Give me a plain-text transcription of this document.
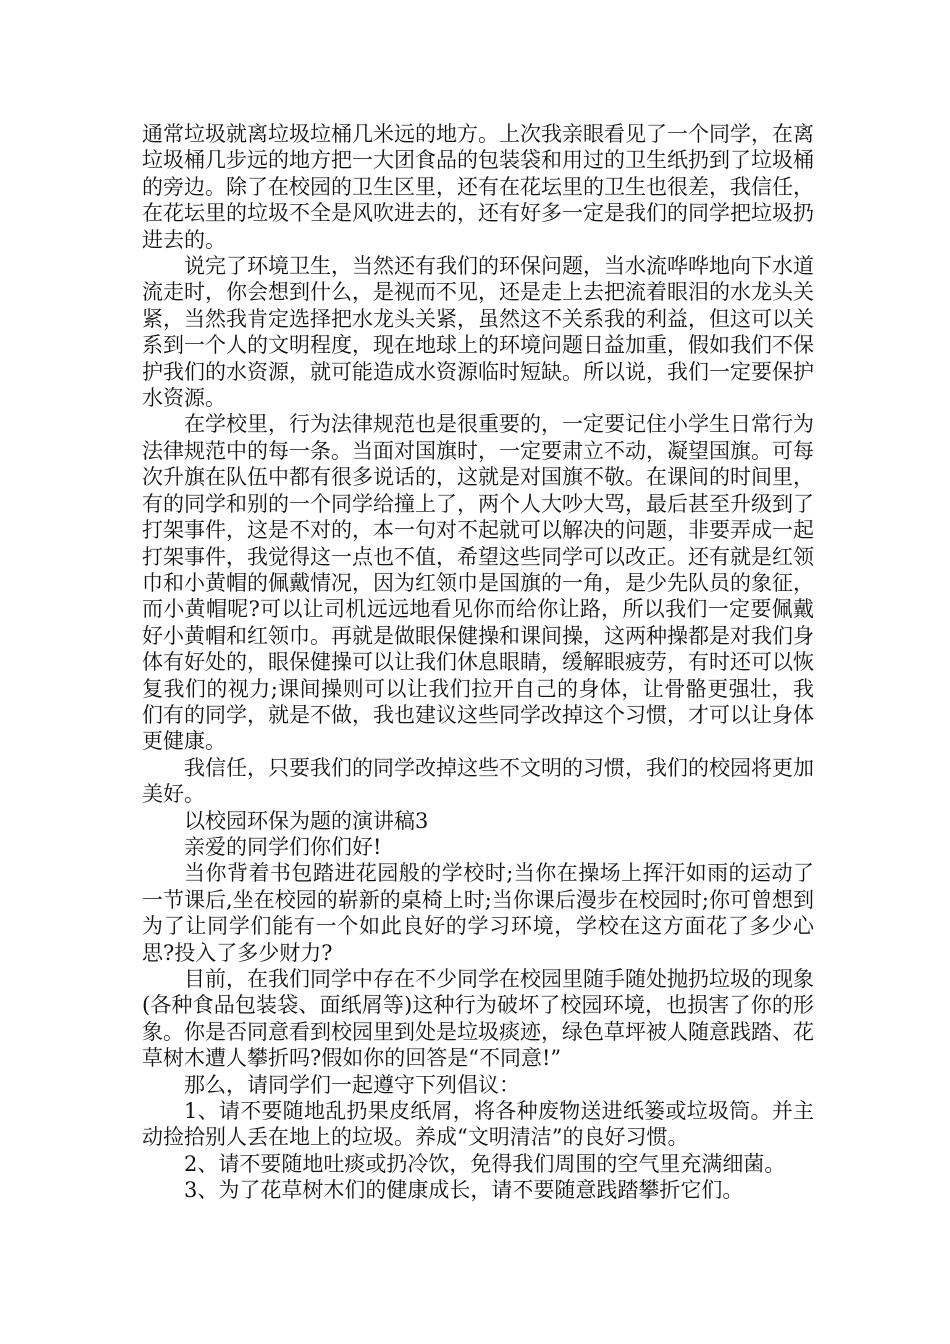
通常垃圾就离垃圾垃桶几米远的地方。上次我亲眼看见了一个同学，在离垃圾桶几步远的地方把一大团食品的包装袋和用过的卫生纸扔到了垃圾桶的旁边。除了在校园的卫生区里，还有在花坛里的卫生也很差，我信任，在花坛里的垃圾不全是风吹进去的，还有好多一定是我们的同学把垃圾扔进去的。

说完了环境卫生，当然还有我们的环保问题，当水流哗哗地向下水道流走时，你会想到什么，是视而不见，还是走上去把流着眼泪的水龙头关紧，当然我肯定选择把水龙头关紧，虽然这不关系我的利益，但这可以关系到一个人的文明程度，现在地球上的环境问题日益加重，假如我们不保护我们的水资源，就可能造成水资源临时短缺。所以说，我们一定要保护水资源。

在学校里，行为法律规范也是很重要的，一定要记住小学生日常行为法律规范中的每一条。当面对国旗时，一定要肃立不动，凝望国旗。可每次升旗在队伍中都有很多说话的，这就是对国旗不敬。在课间的时间里，有的同学和别的一个同学给撞上了，两个人大吵大骂，最后甚至升级到了打架事件，这是不对的，本一句对不起就可以解决的问题，非要弄成一起打架事件，我觉得这一点也不值，希望这些同学可以改正。还有就是红领巾和小黄帽的佩戴情况，因为红领巾是国旗的一角，是少先队员的象征，而小黄帽呢?可以让司机远远地看见你而给你让路，所以我们一定要佩戴好小黄帽和红领巾。再就是做眼保健操和课间操，这两种操都是对我们身体有好处的，眼保健操可以让我们休息眼睛，缓解眼疲劳，有时还可以恢复我们的视力;课间操则可以让我们拉开自己的身体，让骨骼更强壮，我们有的同学，就是不做，我也建议这些同学改掉这个习惯，才可以让身体更健康。

我信任，只要我们的同学改掉这些不文明的习惯，我们的校园将更加美好。

以校园环保为题的演讲稿3

亲爱的同学们你们好!

当你背着书包踏进花园般的学校时;当你在操场上挥汗如雨的运动了一节课后,坐在校园的崭新的桌椅上时;当你课后漫步在校园时;你可曾想到为了让同学们能有一个如此良好的学习环境，学校在这方面花了多少心思?投入了多少财力?

目前，在我们同学中存在不少同学在校园里随手随处抛扔垃圾的现象(各种食品包装袋、面纸屑等)这种行为破坏了校园环境，也损害了你的形象。你是否同意看到校园里到处是垃圾痰迹，绿色草坪被人随意践踏、花草树木遭人攀折吗?假如你的回答是“不同意!”

那么，请同学们一起遵守下列倡议：

1、请不要随地乱扔果皮纸屑，将各种废物送进纸篓或垃圾筒。并主动捡拾别人丢在地上的垃圾。养成“文明清洁”的良好习惯。

2、请不要随地吐痰或扔冷饮，免得我们周围的空气里充满细菌。

3、为了花草树木们的健康成长，请不要随意践踏攀折它们。
